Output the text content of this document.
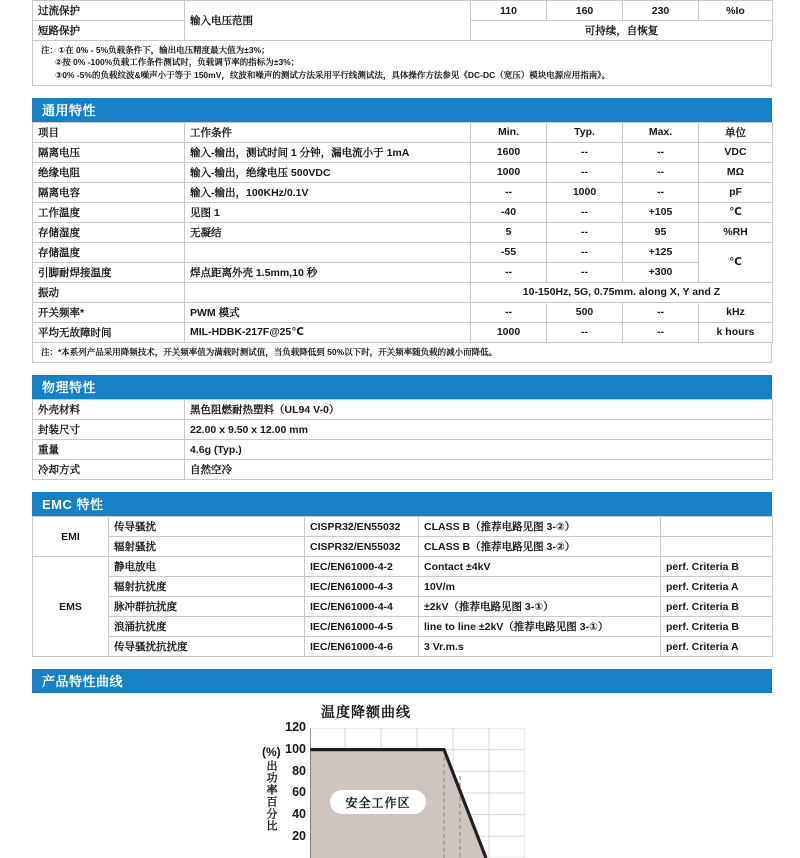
过流保护	输入电压范围	110	160	230	%Io
短路保护		可持续，自恢复			
注：①在 0% - 5%负载条件下，输出电压精度最大值为±3%；
②按 0% -100%负载工作条件测试时，负载调节率的指标为±3%；
③0% -5%的负载纹波&噪声小于等于 150mV，纹波和噪声的测试方法采用平行线测试法，具体操作方法参见《DC-DC（宽压）模块电源应用指南》。
通用特性
项目	工作条件	Min.	Typ.	Max.	单位
隔离电压	输入-输出，测试时间 1 分钟，漏电流小于 1mA	1600	--	--	VDC
绝缘电阻	输入-输出，绝缘电压 500VDC	1000	--	--	MΩ
隔离电容	输入-输出，100KHz/0.1V	--	1000	--	pF
工作温度	见图 1	-40	--	+105	℃
存储湿度	无凝结	5	--	95	%RH
存储温度		-55	--	+125	℃
引脚耐焊接温度	焊点距离外壳 1.5mm,10 秒	--	--	+300	
振动		10-150Hz, 5G, 0.75mm. along X, Y and Z			
开关频率*	PWM 模式	--	500	--	kHz
平均无故障时间	MIL-HDBK-217F@25℃	1000	--	--	k hours
注：*本系列产品采用降频技术，开关频率值为满载时测试值，当负载降低到 50%以下时，开关频率随负载的减小而降低。
物理特性
外壳材料	黑色阻燃耐热塑料（UL94 V-0）
封装尺寸	22.00 x 9.50 x 12.00 mm
重量	4.6g (Typ.)
冷却方式	自然空冷
EMC 特性
EMI	传导骚扰	CISPR32/EN55032	CLASS B（推荐电路见图 3-②）	
	辐射骚扰	CISPR32/EN55032	CLASS B（推荐电路见图 3-②）	
EMS	静电放电	IEC/EN61000-4-2	Contact ±4kV	perf. Criteria B
	辐射抗扰度	IEC/EN61000-4-3	10V/m	perf. Criteria A
	脉冲群抗扰度	IEC/EN61000-4-4	±2kV（推荐电路见图 3-①）	perf. Criteria B
	浪涌抗扰度	IEC/EN61000-4-5	line to line ±2kV（推荐电路见图 3-①）	perf. Criteria B
	传导骚扰抗扰度	IEC/EN61000-4-6	3 Vr.m.s	perf. Criteria A
产品特性曲线
温度降额曲线
(%)
出功率百分比
120
100
80
60
40
20
安全工作区
